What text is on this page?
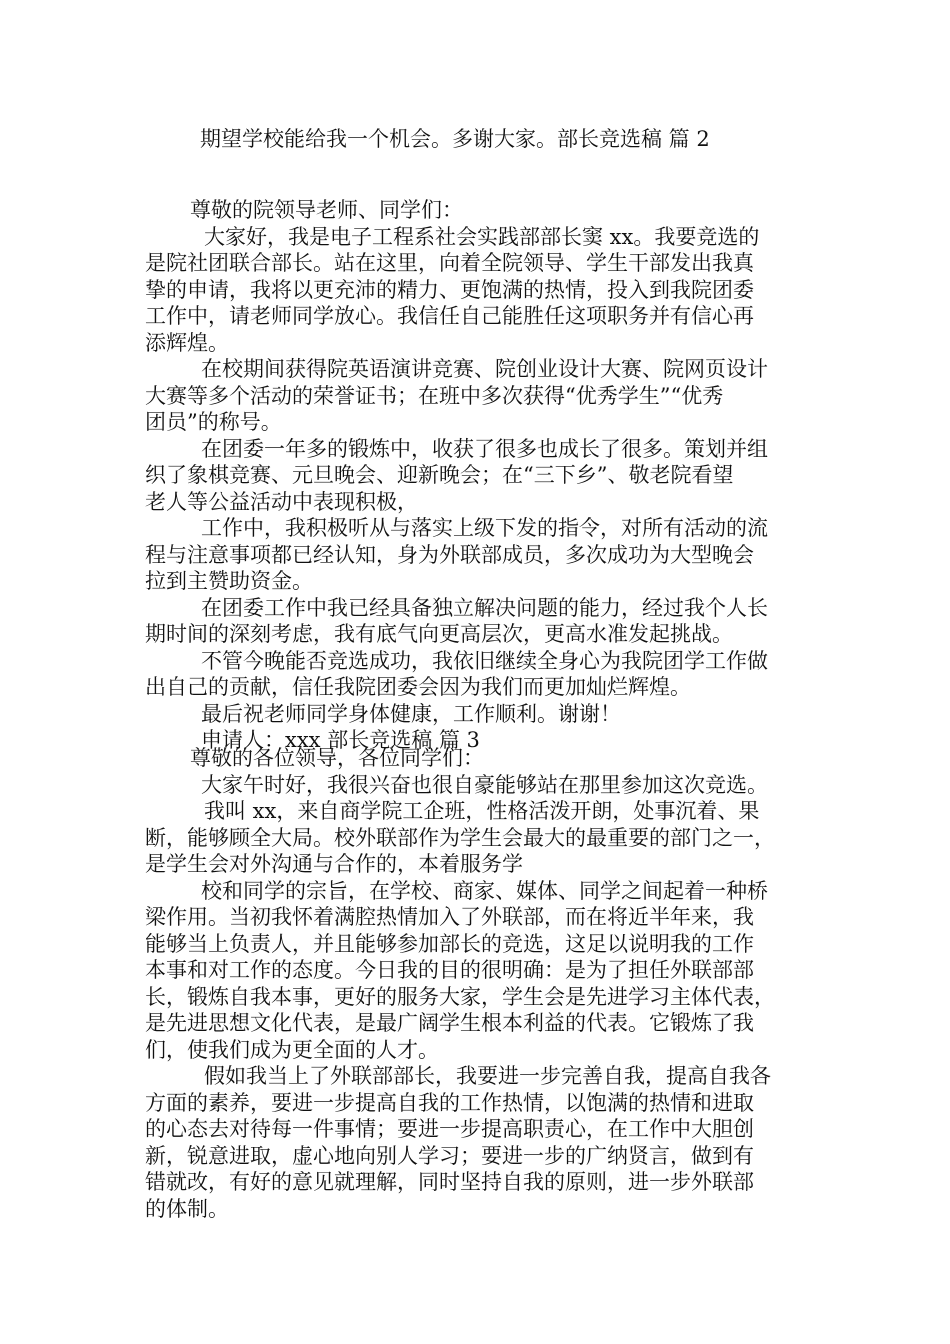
期望学校能给我一个机会。多谢大家。部长竞选稿 篇 2
尊敬的院领导老师、同学们：
大家好，我是电子工程系社会实践部部长窦 xx。我要竞选的
是院社团联合部长。站在这里，向着全院领导、学生干部发出我真
挚的申请，我将以更充沛的精力、更饱满的热情，投入到我院团委
工作中，请老师同学放心。我信任自己能胜任这项职务并有信心再
添辉煌。
在校期间获得院英语演讲竞赛、院创业设计大赛、院网页设计
大赛等多个活动的荣誉证书；在班中多次获得“优秀学生”“优秀
团员”的称号。
在团委一年多的锻炼中，收获了很多也成长了很多。策划并组
织了象棋竞赛、元旦晚会、迎新晚会；在“三下乡”、敬老院看望
老人等公益活动中表现积极，
工作中，我积极听从与落实上级下发的指令，对所有活动的流
程与注意事项都已经认知，身为外联部成员，多次成功为大型晚会
拉到主赞助资金。
在团委工作中我已经具备独立解决问题的能力，经过我个人长
期时间的深刻考虑，我有底气向更高层次，更高水准发起挑战。
不管今晚能否竞选成功，我依旧继续全身心为我院团学工作做
出自己的贡献，信任我院团委会因为我们而更加灿烂辉煌。
最后祝老师同学身体健康，工作顺利。谢谢！
申请人：xxx 部长竞选稿 篇 3
尊敬的各位领导，各位同学们：
大家午时好，我很兴奋也很自豪能够站在那里参加这次竞选。
我叫 xx，来自商学院工企班，性格活泼开朗，处事沉着、果
断，能够顾全大局。校外联部作为学生会最大的最重要的部门之一，
是学生会对外沟通与合作的，本着服务学
校和同学的宗旨，在学校、商家、媒体、同学之间起着一种桥
梁作用。当初我怀着满腔热情加入了外联部，而在将近半年来，我
能够当上负责人，并且能够参加部长的竞选，这足以说明我的工作
本事和对工作的态度。今日我的目的很明确：是为了担任外联部部
长，锻炼自我本事，更好的服务大家，学生会是先进学习主体代表，
是先进思想文化代表，是最广阔学生根本利益的代表。它锻炼了我
们，使我们成为更全面的人才。
假如我当上了外联部部长，我要进一步完善自我，提高自我各
方面的素养，要进一步提高自我的工作热情，以饱满的热情和进取
的心态去对待每一件事情；要进一步提高职责心，在工作中大胆创
新，锐意进取，虚心地向别人学习；要进一步的广纳贤言，做到有
错就改，有好的意见就理解，同时坚持自我的原则，进一步外联部
的体制。
